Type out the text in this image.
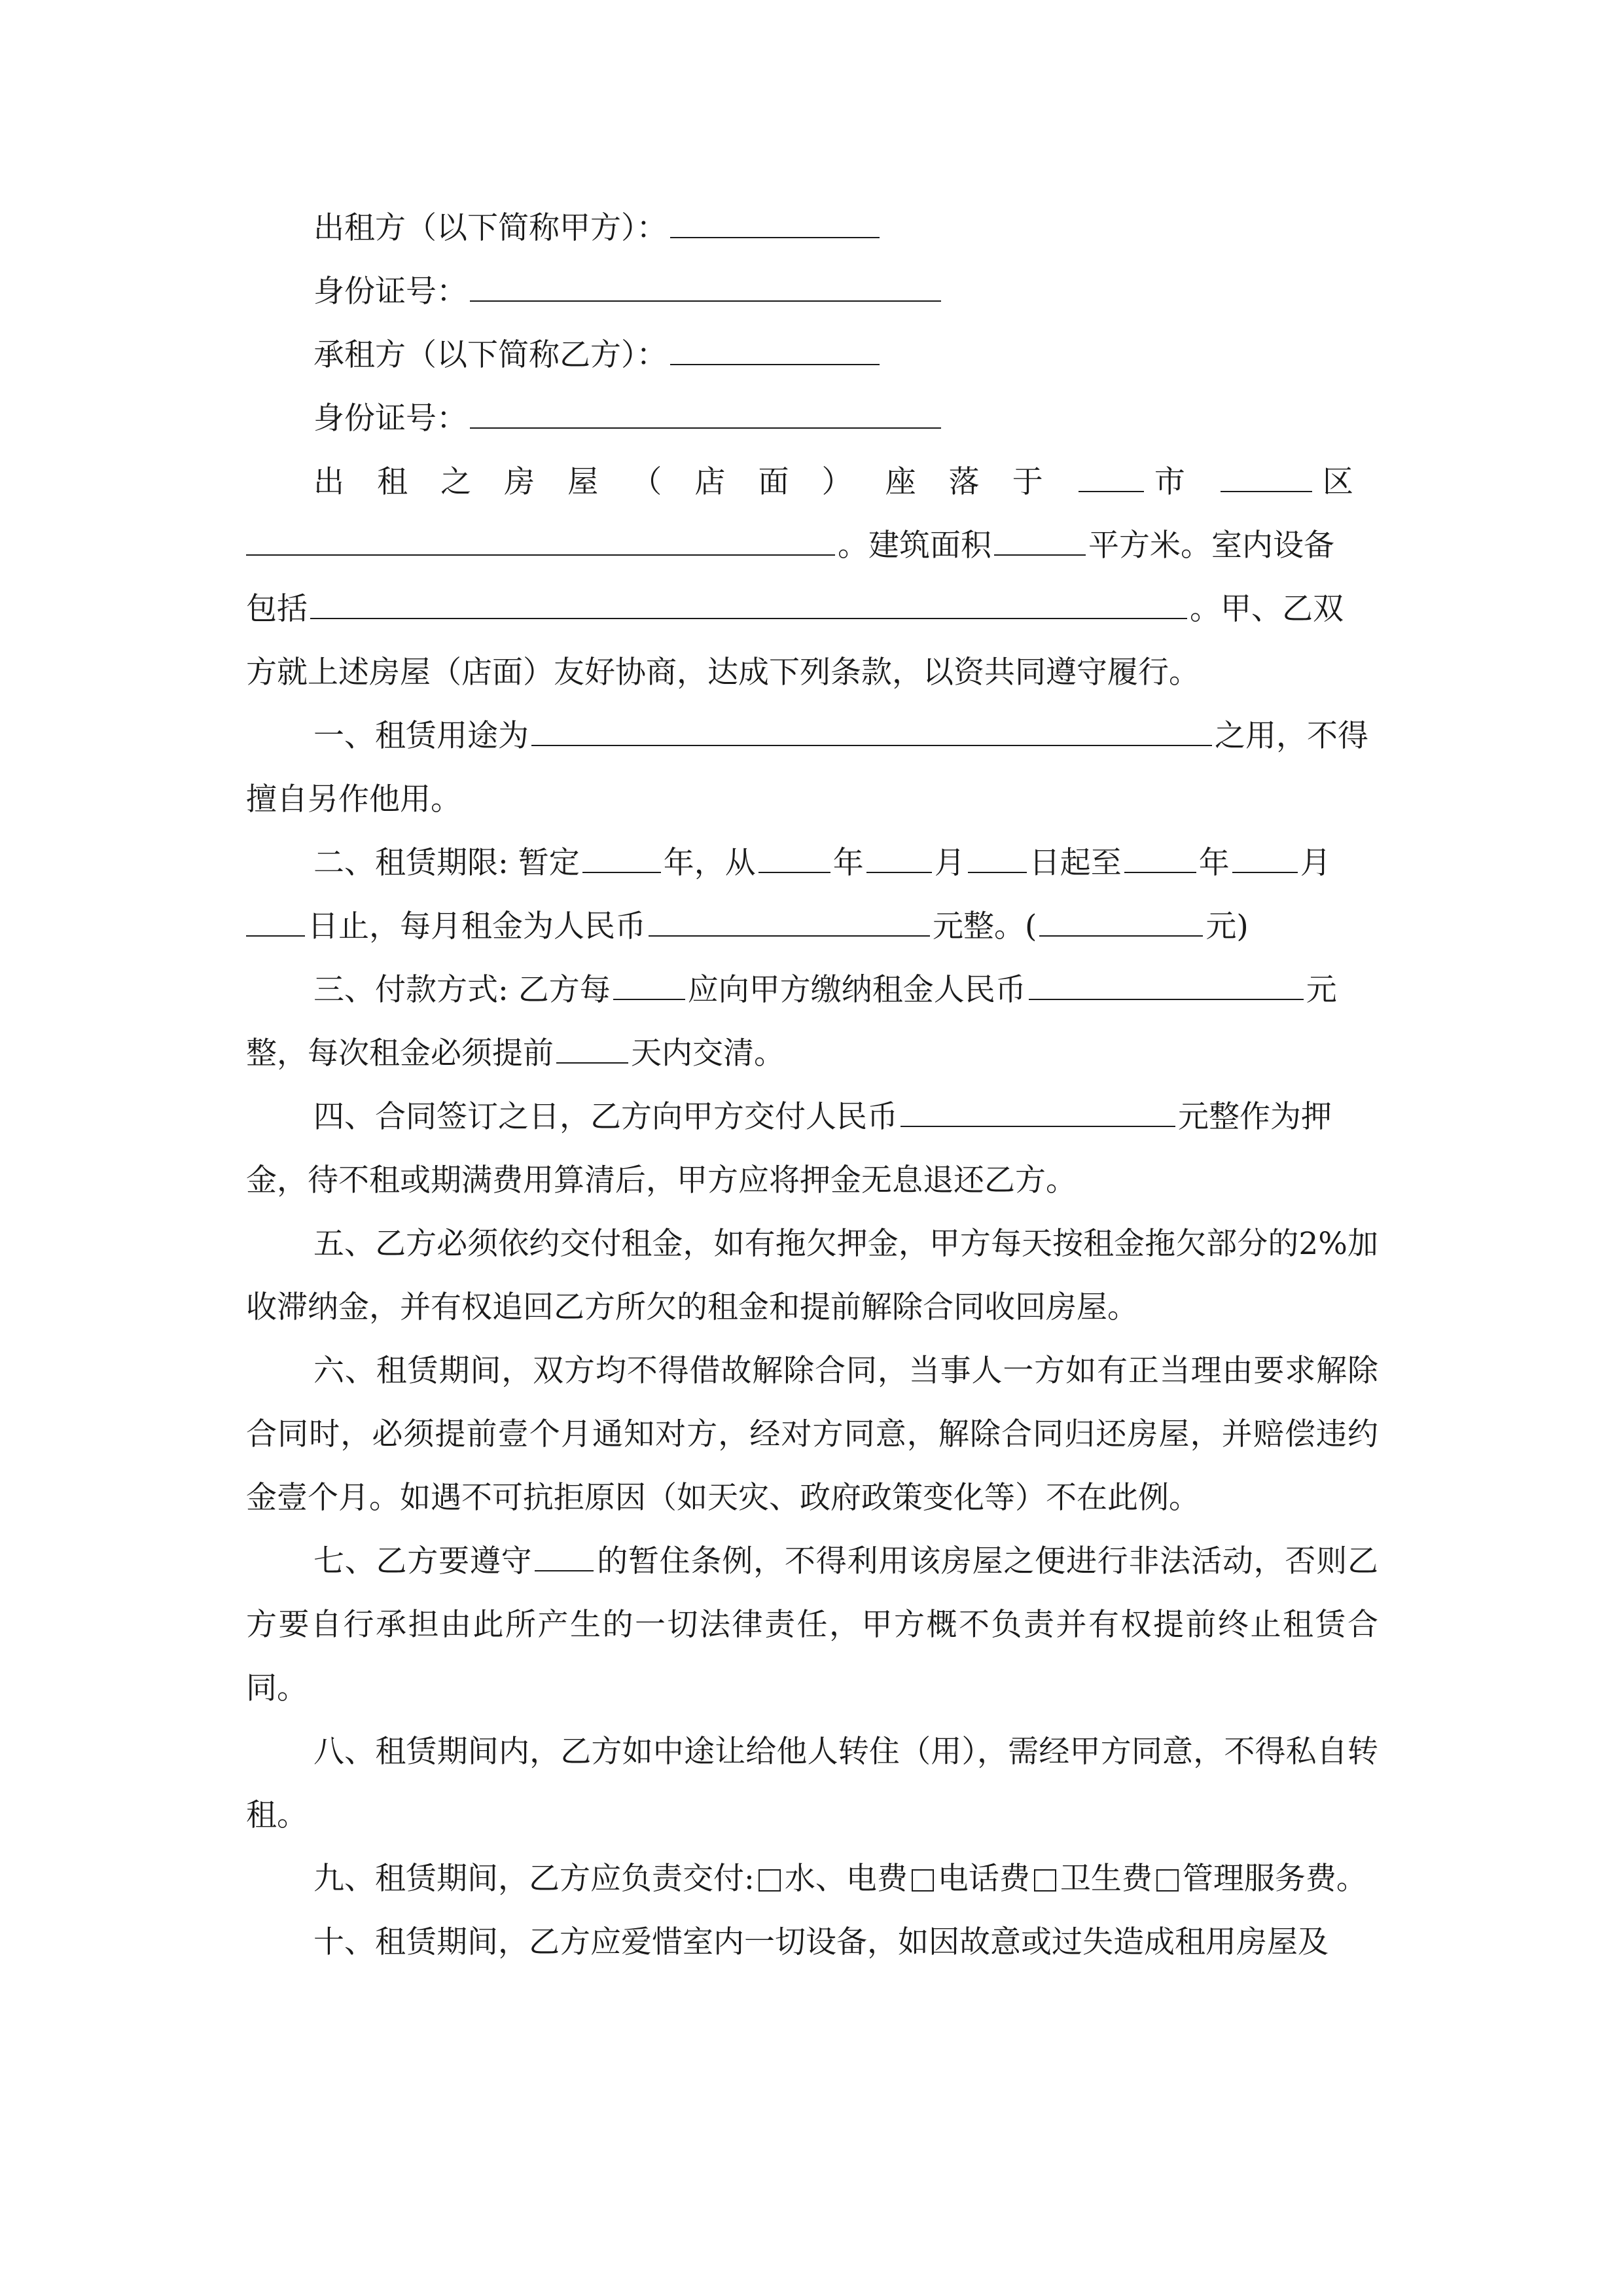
出租方（以下简称甲方）：

身份证号：

承租方（以下简称乙方）：

身份证号：

出租之房屋（店面）座落于 市	区

。建筑面积	平方米。室内设备

包括	。甲、乙双

方就上述房屋（店面）友好协商，达成下列条款，以资共同遵守履行。

一、租赁用途为	之用，不得

擅自另作他用。

二、租赁期限: 暂定	年，从	年 月 日起至	年 月

日止，每月租金为人民币	元整。(	元)

三、付款方式: 乙方每	应向甲方缴纳租金人民币	元

整，每次租金必须提前	天内交清。

四、合同签订之日，乙方向甲方交付人民币	元整作为押

金，待不租或期满费用算清后，甲方应将押金无息退还乙方。

五、乙方必须依约交付租金，如有拖欠押金，甲方每天按租金拖欠部分的2%加收滞纳金，并有权追回乙方所欠的租金和提前解除合同收回房屋。

六、租赁期间，双方均不得借故解除合同，当事人一方如有正当理由要求解除合同时，必须提前壹个月通知对方，经对方同意，解除合同归还房屋，并赔偿违约金壹个月。如遇不可抗拒原因（如天灾、政府政策变化等）不在此例。

七、乙方要遵守 的暂住条例，不得利用该房屋之便进行非法活动，否则乙方要自行承担由此所产生的一切法律责任，甲方概不负责并有权提前终止租赁合同。

八、租赁期间内，乙方如中途让给他人转住（用），需经甲方同意，不得私自转租。

九、租赁期间，乙方应负责交付: 水、电费 电话费 卫生费 管理服务费。

十、租赁期间，乙方应爱惜室内一切设备，如因故意或过失造成租用房屋及
